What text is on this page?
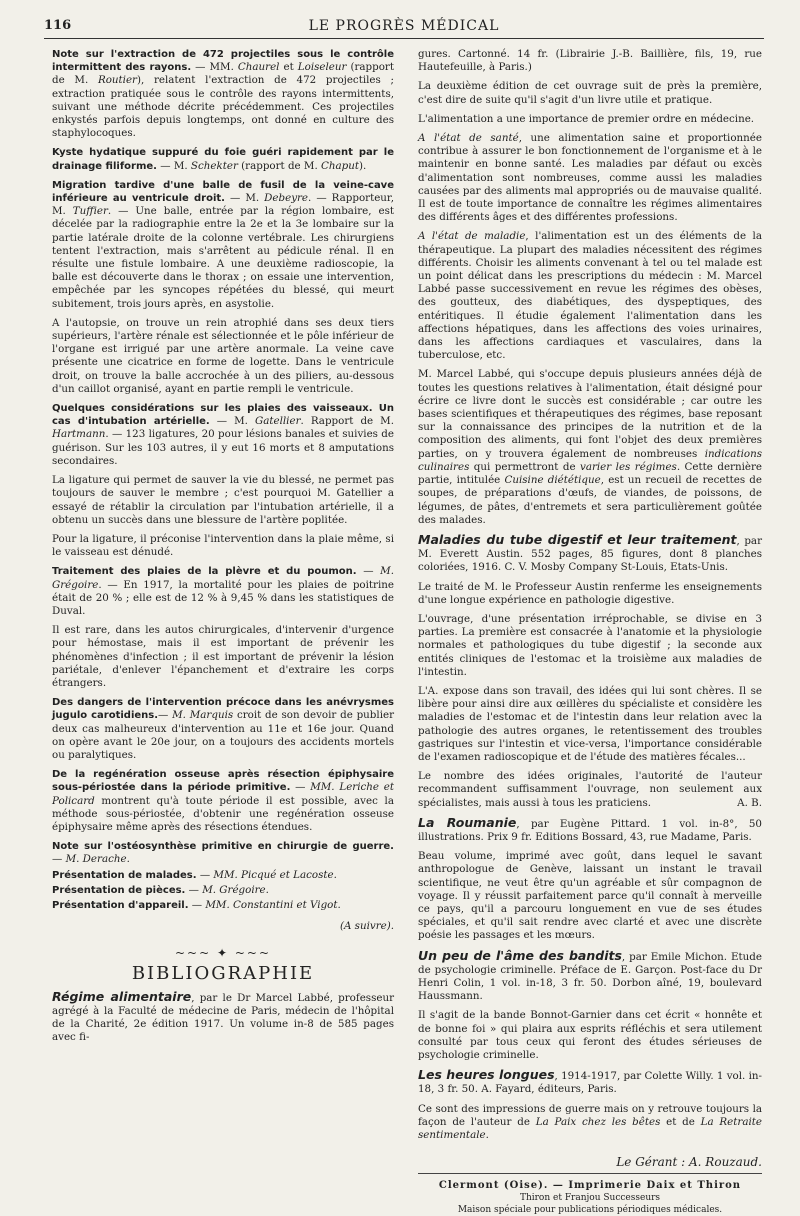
116	LE PROGRÈS MÉDICAL

Note sur l'extraction de 472 projectiles sous le contrôle intermittent des rayons. — MM. Chaurel et Loiseleur (rapport de M. Routier), relatent l'extraction de 472 projectiles ; extraction pratiquée sous le contrôle des rayons intermittents, suivant une méthode décrite précédemment. Ces projectiles enkystés parfois depuis longtemps, ont donné en culture des staphylocoques.

Kyste hydatique suppuré du foie guéri rapidement par le drainage filiforme. — M. Schekter (rapport de M. Chaput).

Migration tardive d'une balle de fusil de la veine-cave inférieure au ventricule droit. — M. Debeyre. — Rapporteur, M. Tuffier. — Une balle, entrée par la région lombaire, est décelée par la radiographie entre la 2e et la 3e lombaire sur la partie latérale droite de la colonne vertébrale. Les chirurgiens tentent l'extraction, mais s'arrêtent au pédicule rénal. Il en résulte une fistule lombaire. A une deuxième radioscopie, la balle est découverte dans le thorax ; on essaie une intervention, empêchée par les syncopes répétées du blessé, qui meurt subitement, trois jours après, en asystolie.

A l'autopsie, on trouve un rein atrophié dans ses deux tiers supérieurs, l'artère rénale est sélectionnée et le pôle inférieur de l'organe est irrigué par une artère anormale. La veine cave présente une cicatrice en forme de logette. Dans le ventricule droit, on trouve la balle accrochée à un des piliers, au-dessous d'un caillot organisé, ayant en partie rempli le ventricule.

Quelques considérations sur les plaies des vaisseaux. Un cas d'intubation artérielle. — M. Gatellier. Rapport de M. Hartmann. — 123 ligatures, 20 pour lésions banales et suivies de guérison. Sur les 103 autres, il y eut 16 morts et 8 amputations secondaires.

La ligature qui permet de sauver la vie du blessé, ne permet pas toujours de sauver le membre ; c'est pourquoi M. Gatellier a essayé de rétablir la circulation par l'intubation artérielle, il a obtenu un succès dans une blessure de l'artère poplitée.

Pour la ligature, il préconise l'intervention dans la plaie même, si le vaisseau est dénudé.

Traitement des plaies de la plèvre et du poumon. — M. Grégoire. — En 1917, la mortalité pour les plaies de poitrine était de 20 % ; elle est de 12 % à 9,45 % dans les statistiques de Duval.

Il est rare, dans les autos chirurgicales, d'intervenir d'urgence pour hémostase, mais il est important de prévenir les phénomènes d'infection ; il est important de prévenir la lésion pariétale, d'enlever l'épanchement et d'extraire les corps étrangers.

Des dangers de l'intervention précoce dans les anévrysmes jugulo carotidiens.— M. Marquis croit de son devoir de publier deux cas malheureux d'intervention au 11e et 16e jour. Quand on opère avant le 20e jour, on a toujours des accidents mortels ou paralytiques.

De la regénération osseuse après résection épiphysaire sous-périostée dans la période primitive. — MM. Leriche et Policard montrent qu'à toute période il est possible, avec la méthode sous-périostée, d'obtenir une regénération osseuse épiphysaire même après des résections étendues.

Note sur l'ostéosynthèse primitive en chirurgie de guerre. — M. Derache.

Présentation de malades. — MM. Picqué et Lacoste.

Présentation de pièces. — M. Grégoire.

Présentation d'appareil. — MM. Constantini et Vigot.

(A suivre).
~~~ ✦ ~~~
BIBLIOGRAPHIE

Régime alimentaire, par le Dr Marcel Labbé, professeur agrégé à la Faculté de médecine de Paris, médecin de l'hôpital de la Charité, 2e édition 1917. Un volume in-8 de 585 pages avec fi-

gures. Cartonné. 14 fr. (Librairie J.-B. Baillière, fils, 19, rue Hautefeuille, à Paris.)

La deuxième édition de cet ouvrage suit de près la première, c'est dire de suite qu'il s'agit d'un livre utile et pratique.

L'alimentation a une importance de premier ordre en médecine.

A l'état de santé, une alimentation saine et proportionnée contribue à assurer le bon fonctionnement de l'organisme et à le maintenir en bonne santé. Les maladies par défaut ou excès d'alimentation sont nombreuses, comme aussi les maladies causées par des aliments mal appropriés ou de mauvaise qualité. Il est de toute importance de connaître les régimes alimentaires des différents âges et des différentes professions.

A l'état de maladie, l'alimentation est un des éléments de la thérapeutique. La plupart des maladies nécessitent des régimes différents. Choisir les aliments convenant à tel ou tel malade est un point délicat dans les prescriptions du médecin : M. Marcel Labbé passe successivement en revue les régimes des obèses, des goutteux, des diabétiques, des dyspeptiques, des entéritiques. Il étudie également l'alimentation dans les affections hépatiques, dans les affections des voies urinaires, dans les affections cardiaques et vasculaires, dans la tuberculose, etc.

M. Marcel Labbé, qui s'occupe depuis plusieurs années déjà de toutes les questions relatives à l'alimentation, était désigné pour écrire ce livre dont le succès est considérable ; car outre les bases scientifiques et thérapeutiques des régimes, base reposant sur la connaissance des principes de la nutrition et de la composition des aliments, qui font l'objet des deux premières parties, on y trouvera également de nombreuses indications culinaires qui permettront de varier les régimes. Cette dernière partie, intitulée Cuisine diététique, est un recueil de recettes de soupes, de préparations d'œufs, de viandes, de poissons, de légumes, de pâtes, d'entremets et sera particulièrement goûtée des malades.

Maladies du tube digestif et leur traitement, par M. Everett Austin. 552 pages, 85 figures, dont 8 planches coloriées, 1916. C. V. Mosby Company St-Louis, Etats-Unis.

Le traité de M. le Professeur Austin renferme les enseignements d'une longue expérience en pathologie digestive.

L'ouvrage, d'une présentation irréprochable, se divise en 3 parties. La première est consacrée à l'anatomie et la physiologie normales et pathologiques du tube digestif ; la seconde aux entités cliniques de l'estomac et la troisième aux maladies de l'intestin.

L'A. expose dans son travail, des idées qui lui sont chères. Il se libère pour ainsi dire aux œillères du spécialiste et considère les maladies de l'estomac et de l'intestin dans leur relation avec la pathologie des autres organes, le retentissement des troubles gastriques sur l'intestin et vice-versa, l'importance considérable de l'examen radioscopique et de l'étude des matières fécales...

Le nombre des idées originales, l'autorité de l'auteur recommandent suffisamment l'ouvrage, non seulement aux spécialistes, mais aussi à tous les praticiens.	A. B.

La Roumanie, par Eugène Pittard. 1 vol. in-8°, 50 illustrations. Prix 9 fr. Editions Bossard, 43, rue Madame, Paris.

Beau volume, imprimé avec goût, dans lequel le savant anthropologue de Genève, laissant un instant le travail scientifique, ne veut être qu'un agréable et sûr compagnon de voyage. Il y réussit parfaitement parce qu'il connaît à merveille ce pays, qu'il a parcouru longuement en vue de ses études spéciales, et qu'il sait rendre avec clarté et avec une discrète poésie les passages et les mœurs.

Un peu de l'âme des bandits, par Emile Michon. Etude de psychologie criminelle. Préface de E. Garçon. Post-face du Dr Henri Colin, 1 vol. in-18, 3 fr. 50. Dorbon aîné, 19, boulevard Haussmann.

Il s'agit de la bande Bonnot-Garnier dans cet écrit « honnête et de bonne foi » qui plaira aux esprits réfléchis et sera utilement consulté par tous ceux qui feront des études sérieuses de psychologie criminelle.

Les heures longues, 1914-1917, par Colette Willy. 1 vol. in-18, 3 fr. 50. A. Fayard, éditeurs, Paris.

Ce sont des impressions de guerre mais on y retrouve toujours la façon de l'auteur de La Paix chez les bêtes et de La Retraite sentimentale.

Le Gérant : A. Rouzaud.
Clermont (Oise). — Imprimerie Daix et Thiron
Thiron et Franjou Successeurs
Maison spéciale pour publications périodiques médicales.
